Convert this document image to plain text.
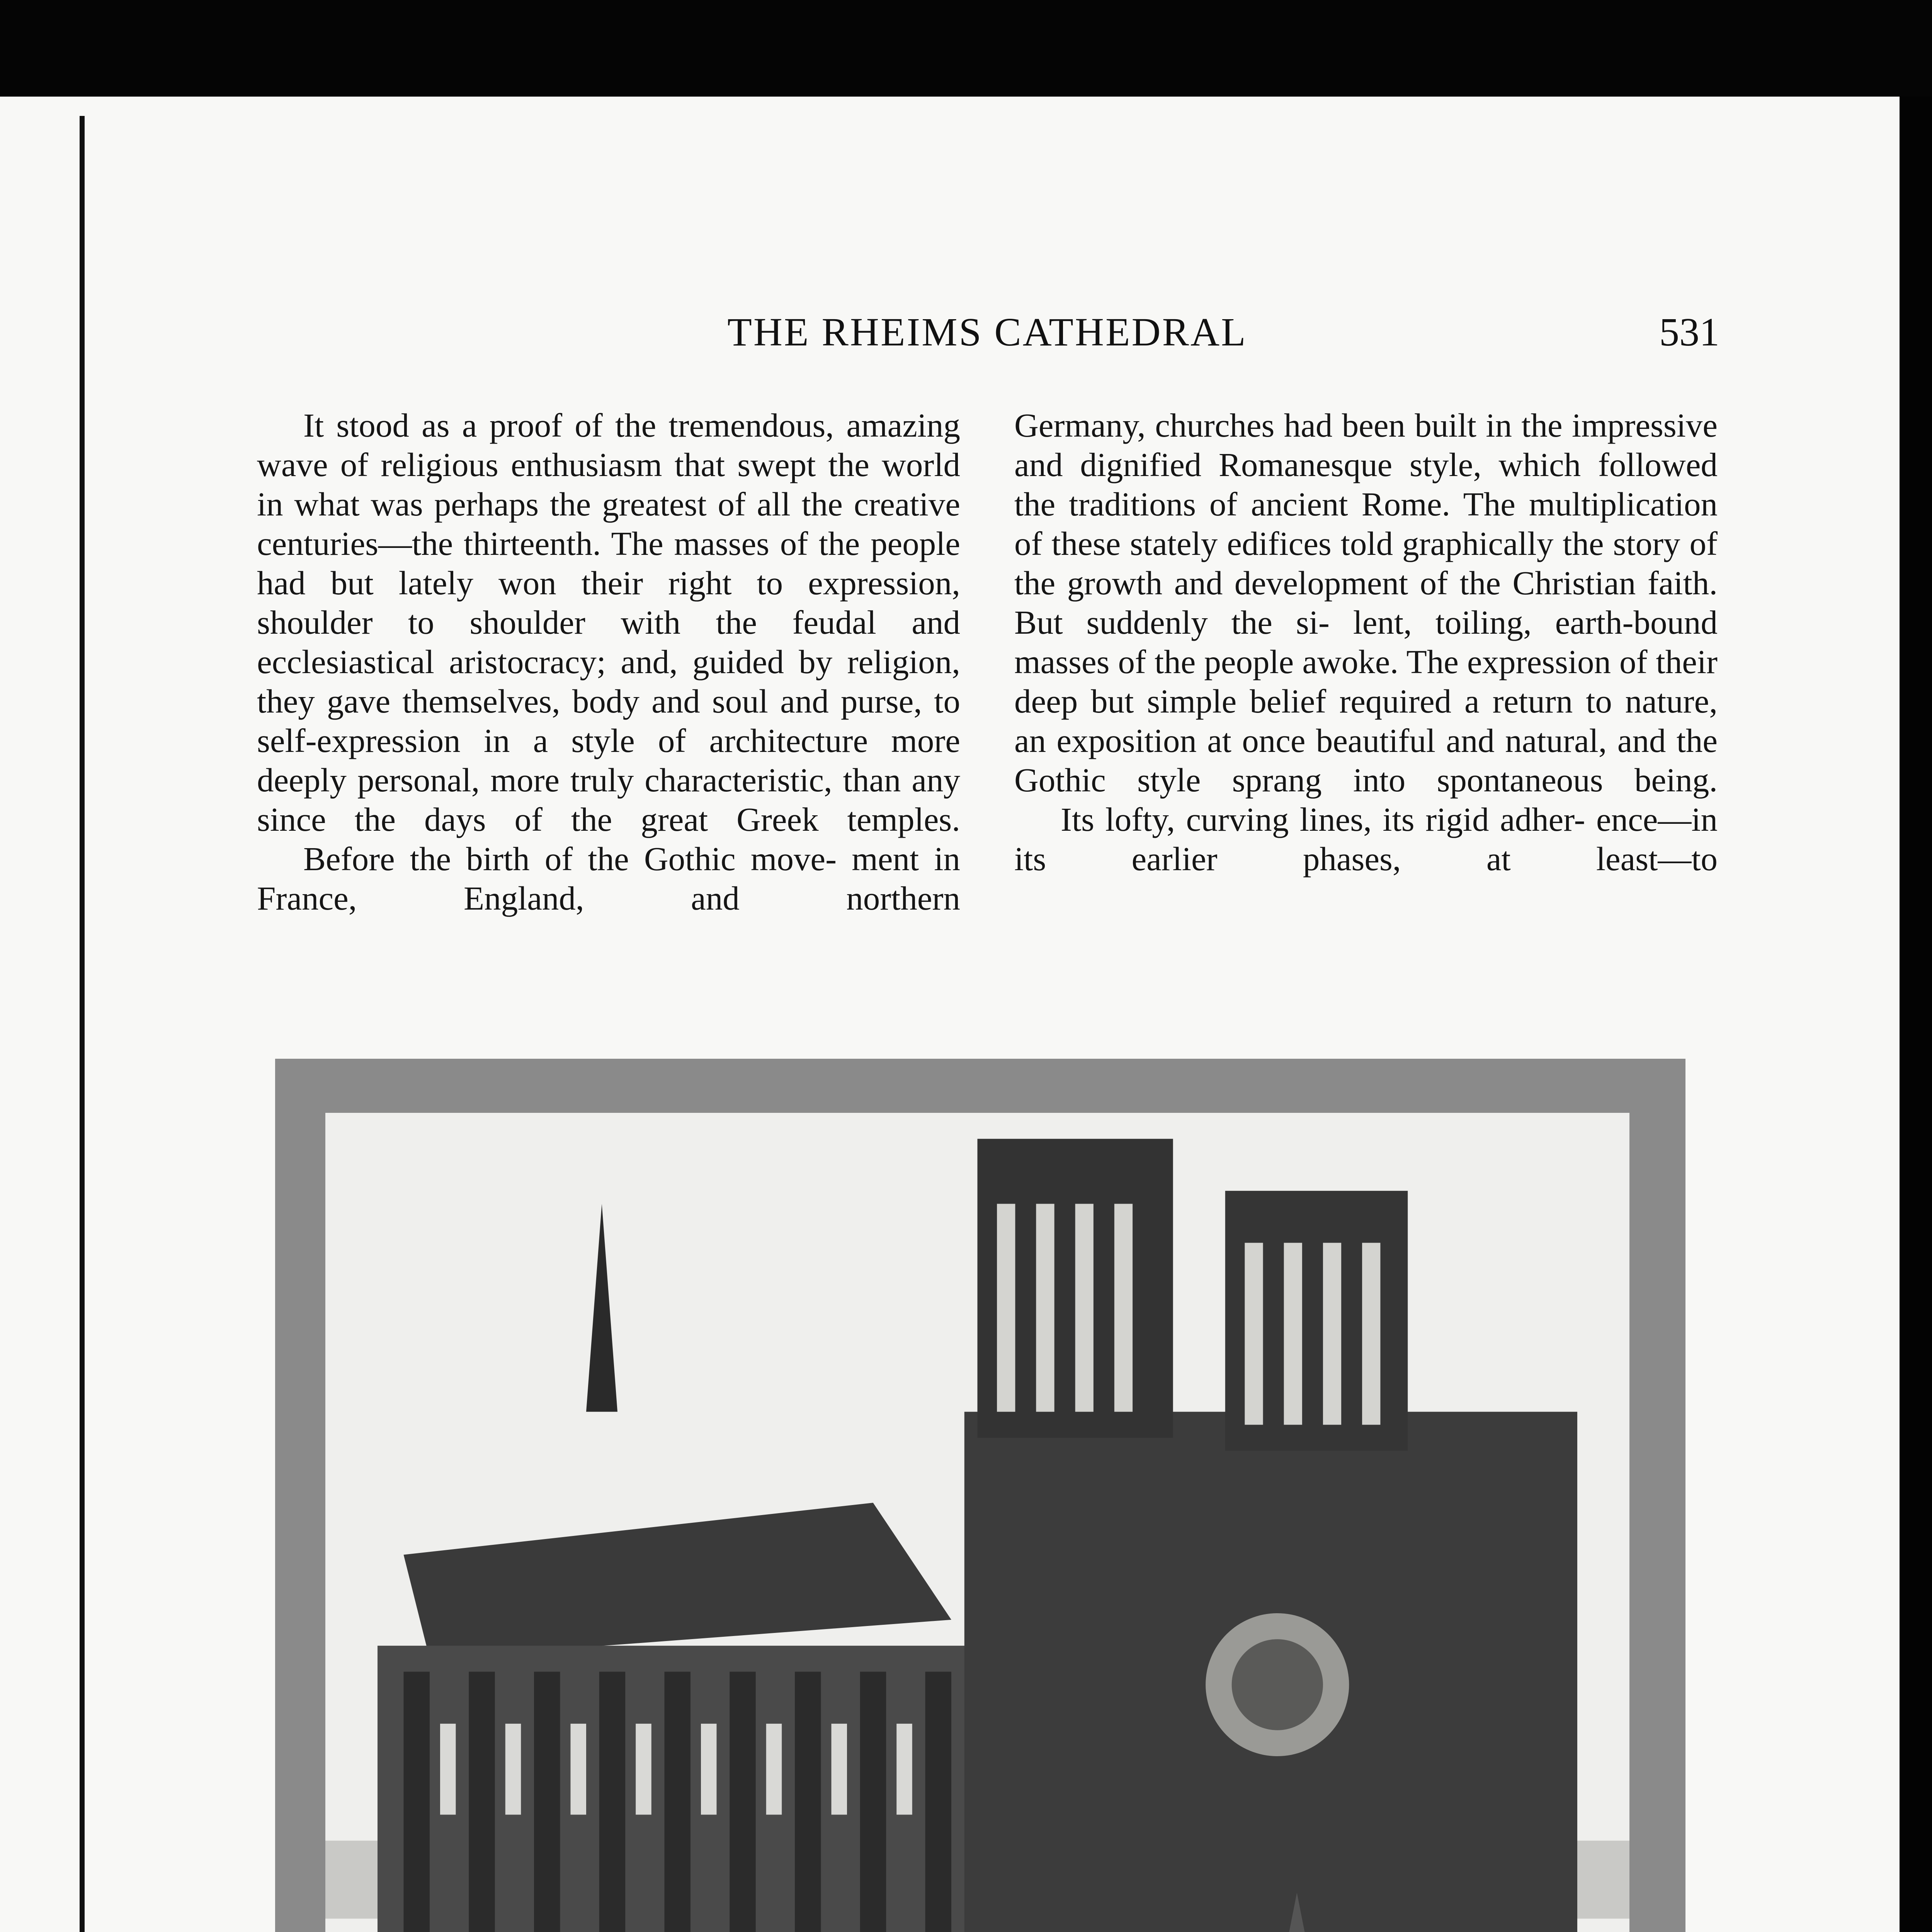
THE RHEIMS CATHEDRAL	531

It stood as a proof of the tremendous, amazing wave of religious enthusiasm that swept the world in what was perhaps the greatest of all the creative centuries—the thirteenth. The masses of the people had but lately won their right to expression, shoulder to shoulder with the feudal and ecclesiastical aristocracy; and, guided by religion, they gave themselves, body and soul and purse, to self-expression in a style of architecture more deeply personal, more truly characteristic, than any since the days of the great Greek temples.

Before the birth of the Gothic move- ment in France, England, and northern

Germany, churches had been built in the impressive and dignified Romanesque style, which followed the traditions of ancient Rome. The multiplication of these stately edifices told graphically the story of the growth and development of the Christian faith. But suddenly the si- lent, toiling, earth-bound masses of the people awoke. The expression of their deep but simple belief required a return to nature, an exposition at once beautiful and natural, and the Gothic style sprang into spontaneous being.

Its lofty, curving lines, its rigid adher- ence—in its earlier phases, at least—to
